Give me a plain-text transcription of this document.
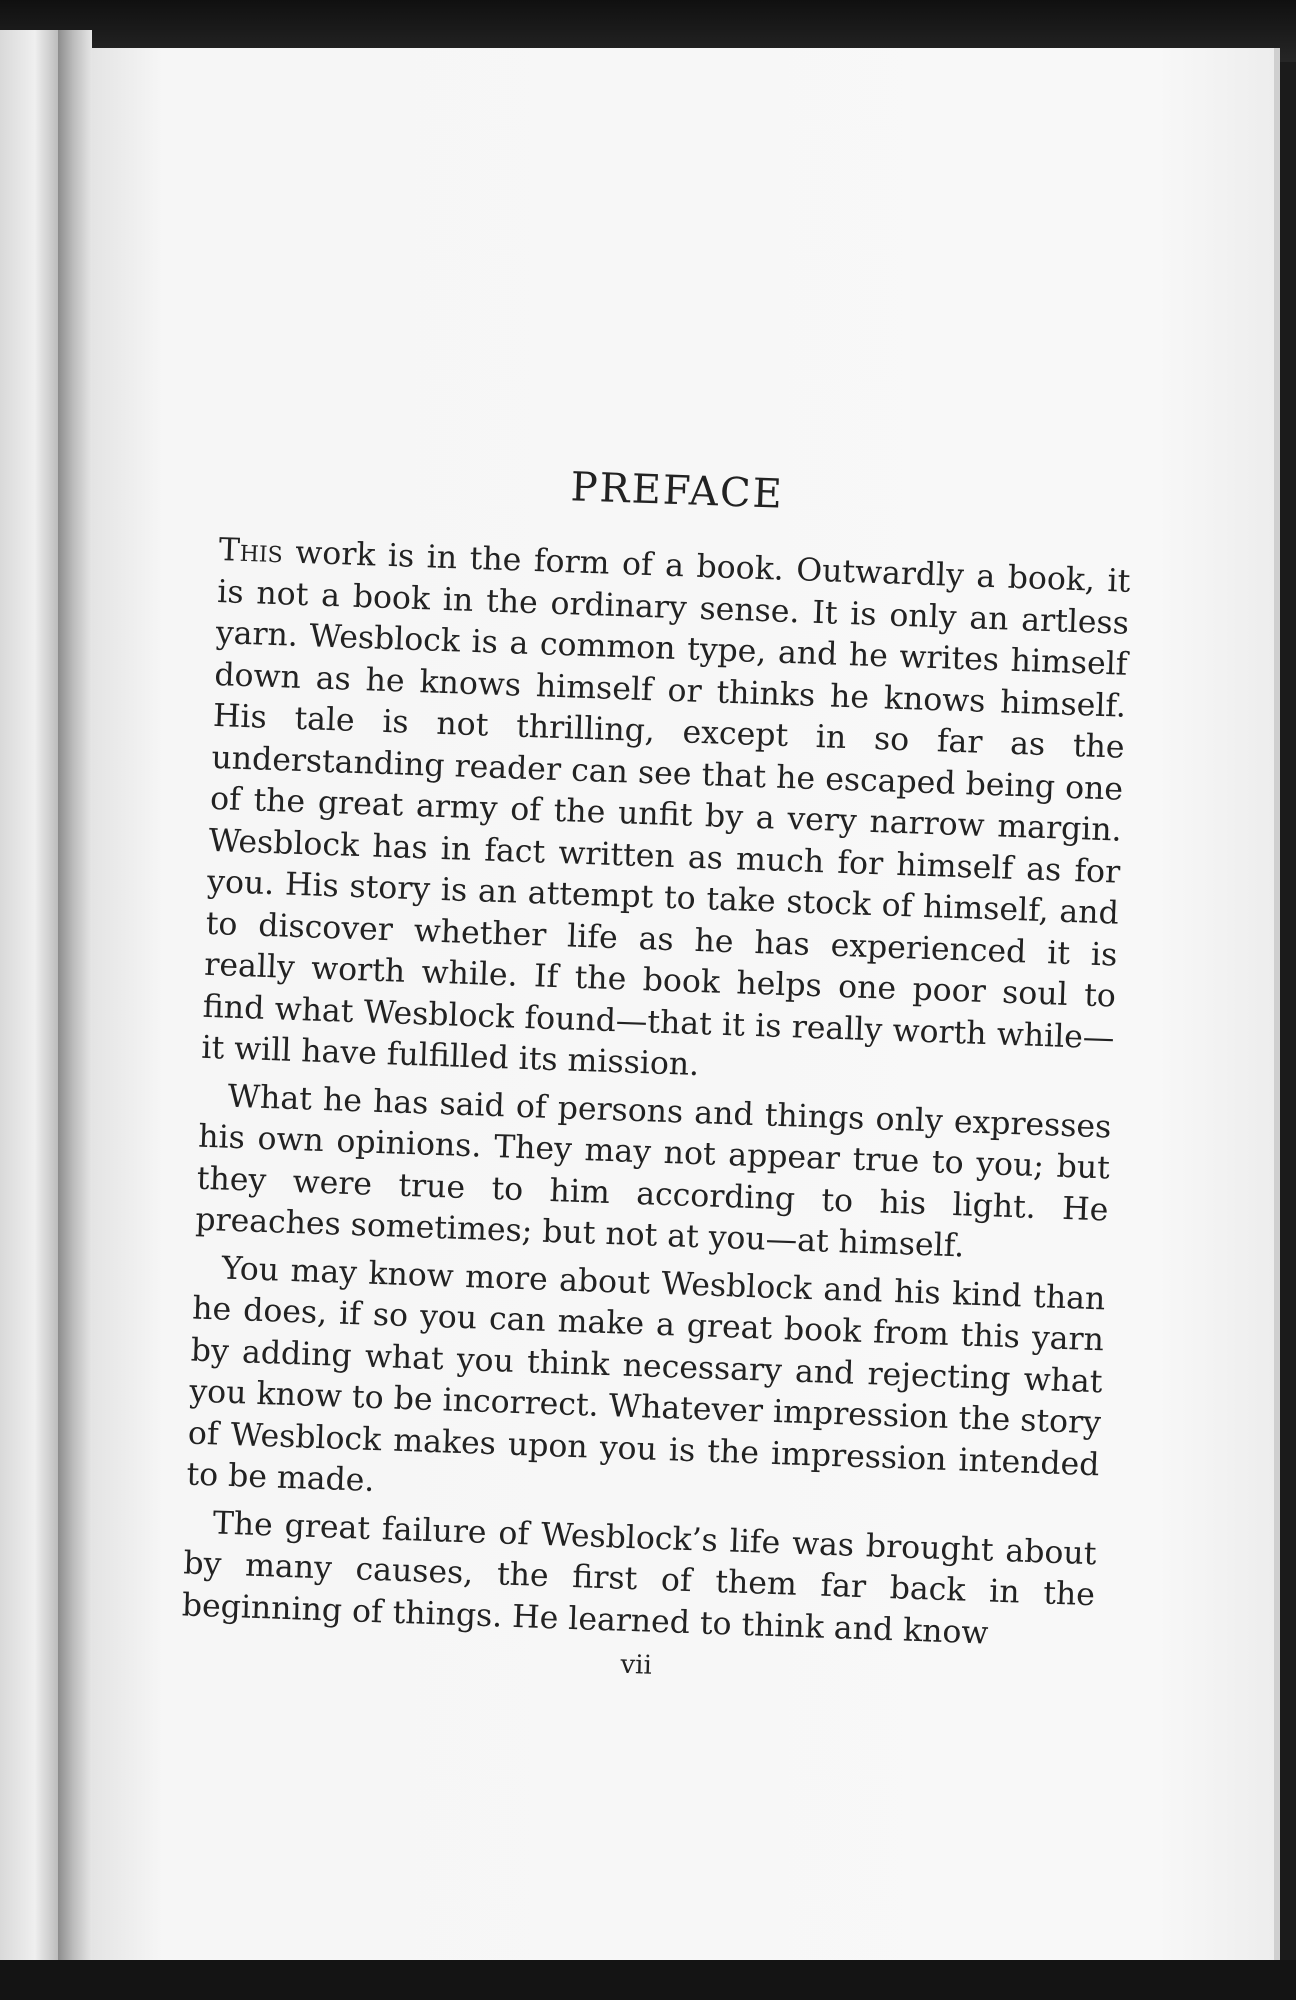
PREFACE

This work is in the form of a book. Outwardly a book, it is not a book in the ordinary sense. It is only an artless yarn. Wesblock is a common type, and he writes himself down as he knows himself or thinks he knows himself. His tale is not thrilling, except in so far as the understanding reader can see that he escaped being one of the great army of the unfit by a very narrow margin. Wesblock has in fact written as much for himself as for you. His story is an attempt to take stock of himself, and to discover whether life as he has experienced it is really worth while. If the book helps one poor soul to find what Wesblock found—that it is really worth while—it will have fulfilled its mission.

What he has said of persons and things only expresses his own opinions. They may not appear true to you; but they were true to him according to his light. He preaches sometimes; but not at you—at himself.

You may know more about Wesblock and his kind than he does, if so you can make a great book from this yarn by adding what you think necessary and rejecting what you know to be incorrect. Whatever impression the story of Wesblock makes upon you is the impression intended to be made.

The great failure of Wesblock’s life was brought about by many causes, the first of them far back in the beginning of things. He learned to think and know

vii
